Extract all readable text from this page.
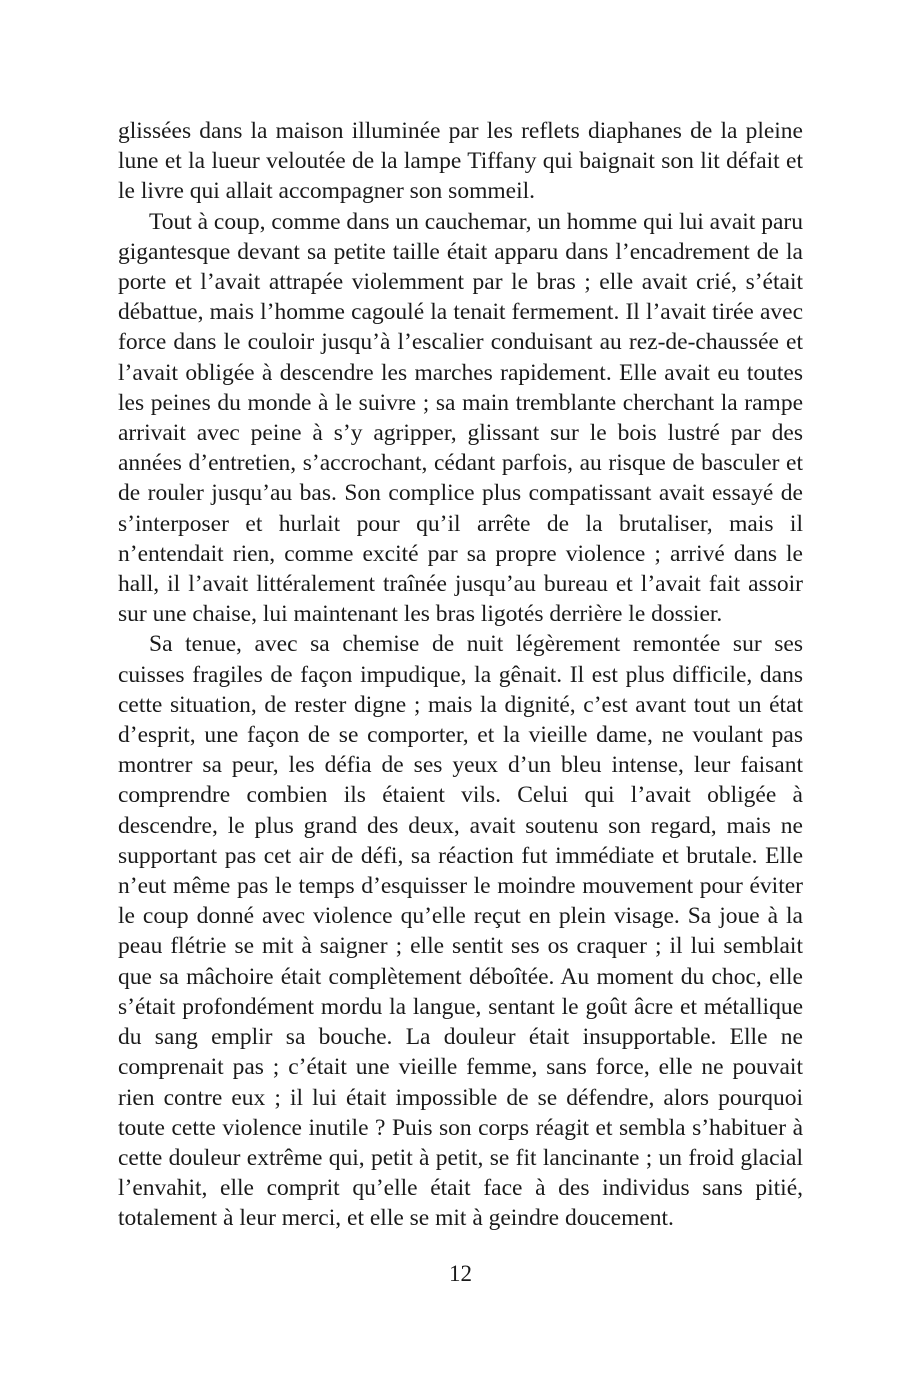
glissées dans la maison illuminée par les reflets diaphanes de la pleine lune et la lueur veloutée de la lampe Tiffany qui baignait son lit défait et le livre qui allait accompagner son sommeil.

Tout à coup, comme dans un cauchemar, un homme qui lui avait paru gigantesque devant sa petite taille était apparu dans l’encadrement de la porte et l’avait attrapée violemment par le bras ; elle avait crié, s’était débattue, mais l’homme cagoulé la tenait fermement. Il l’avait tirée avec force dans le couloir jusqu’à l’escalier conduisant au rez-de-chaussée et l’avait obligée à descendre les marches rapidement. Elle avait eu toutes les peines du monde à le suivre ; sa main tremblante cherchant la rampe arrivait avec peine à s’y agripper, glissant sur le bois lustré par des années d’entretien, s’accrochant, cédant parfois, au risque de basculer et de rouler jusqu’au bas. Son complice plus compatissant avait essayé de s’interposer et hurlait pour qu’il arrête de la brutaliser, mais il n’entendait rien, comme excité par sa propre violence ; arrivé dans le hall, il l’avait littéralement traînée jusqu’au bureau et l’avait fait assoir sur une chaise, lui maintenant les bras ligotés derrière le dossier.

Sa tenue, avec sa chemise de nuit légèrement remontée sur ses cuisses fragiles de façon impudique, la gênait. Il est plus difficile, dans cette situation, de rester digne ; mais la dignité, c’est avant tout un état d’esprit, une façon de se comporter, et la vieille dame, ne voulant pas montrer sa peur, les défia de ses yeux d’un bleu intense, leur faisant comprendre combien ils étaient vils. Celui qui l’avait obligée à descendre, le plus grand des deux, avait soutenu son regard, mais ne supportant pas cet air de défi, sa réaction fut immédiate et brutale. Elle n’eut même pas le temps d’esquisser le moindre mouvement pour éviter le coup donné avec violence qu’elle reçut en plein visage. Sa joue à la peau flétrie se mit à saigner ; elle sentit ses os craquer ; il lui semblait que sa mâchoire était complètement déboîtée. Au moment du choc, elle s’était profondément mordu la langue, sentant le goût âcre et métallique du sang emplir sa bouche. La douleur était insupportable. Elle ne comprenait pas ; c’était une vieille femme, sans force, elle ne pouvait rien contre eux ; il lui était impossible de se défendre, alors pourquoi toute cette violence inutile ? Puis son corps réagit et sembla s’habituer à cette douleur extrême qui, petit à petit, se fit lancinante ; un froid glacial l’envahit, elle comprit qu’elle était face à des individus sans pitié, totalement à leur merci, et elle se mit à geindre doucement.

12
